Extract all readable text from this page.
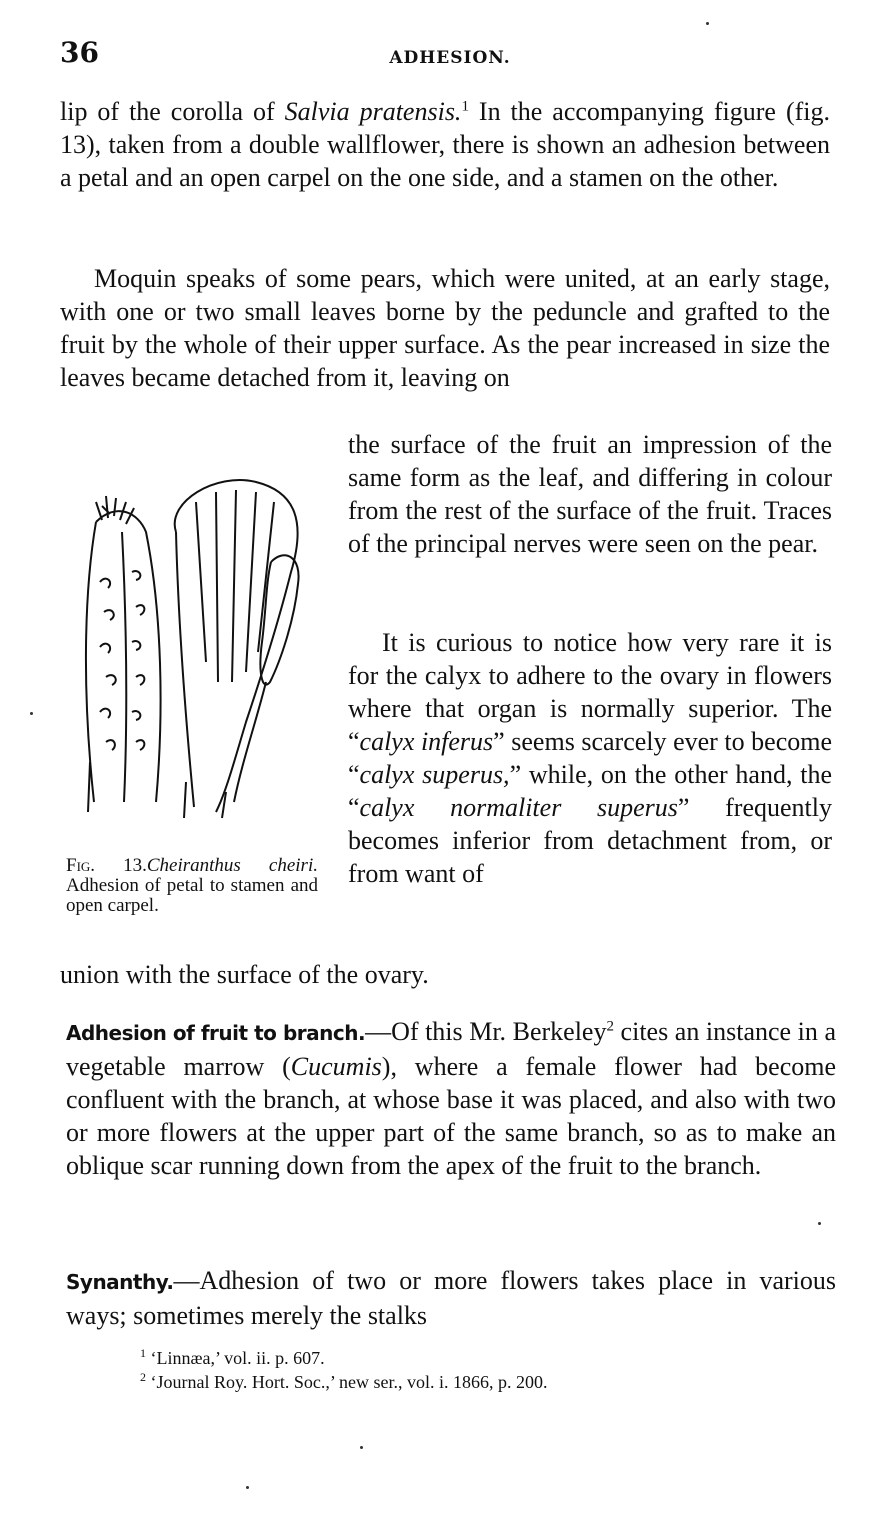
36	ADHESION.

lip of the corolla of Salvia pratensis.$^1$ In the accompanying figure (fig. 13), taken from a double wallflower, there is shown an adhesion between a petal and an open carpel on the one side, and a stamen on the other.

Moquin speaks of some pears, which were united, at an early stage, with one or two small leaves borne by the peduncle and grafted to the fruit by the whole of their upper surface. As the pear increased in size the leaves became detached from it, leaving on

the surface of the fruit an impression of the same form as the leaf, and differing in colour from the rest of the surface of the fruit. Traces of the principal nerves were seen on the pear.

It is curious to notice how very rare it is for the calyx to adhere to the ovary in flowers where that organ is normally superior. The “calyx inferus” seems scarcely ever to become “calyx superus,” while, on the other hand, the “calyx normaliter superus” frequently becomes inferior from detachment from, or from want of

union with the surface of the ovary.

Fig. 13.Cheiranthus cheiri. Adhesion of petal to stamen and open carpel.

Adhesion of fruit to branch.—Of this Mr. Berkeley$^2$ cites an instance in a vegetable marrow (Cucumis), where a female flower had become confluent with the branch, at whose base it was placed, and also with two or more flowers at the upper part of the same branch, so as to make an oblique scar running down from the apex of the fruit to the branch.

Synanthy.—Adhesion of two or more flowers takes place in various ways; sometimes merely the stalks

$^1$ ‘Linnæa,’ vol. ii. p. 607.

$^2$ ‘Journal Roy. Hort. Soc.,’ new ser., vol. i. 1866, p. 200.
